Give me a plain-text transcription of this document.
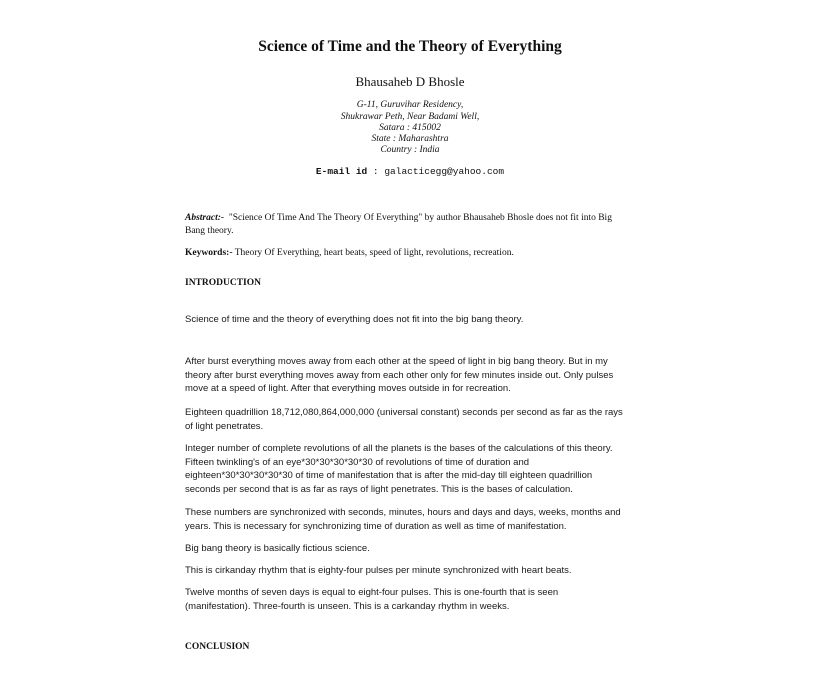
Science of Time and the Theory of Everything
Bhausaheb D Bhosle
G-11, Guruvihar Residency,
Shukrawar Peth, Near Badami Well,
Satara : 415002
State : Maharashtra
Country : India
E-mail id : galacticegg@yahoo.com
Abstract:- "Science Of Time And The Theory Of Everything" by author Bhausaheb Bhosle does not fit into Big
Bang theory.
Keywords:- Theory Of Everything, heart beats, speed of light, revolutions, recreation.
INTRODUCTION
Science of time and the theory of everything does not fit into the big bang theory.
After burst everything moves away from each other at the speed of light in big bang theory. But in my
theory after burst everything moves away from each other only for few minutes inside out. Only pulses
move at a speed of light. After that everything moves outside in for recreation.
Eighteen quadrillion 18,712,080,864,000,000 (universal constant) seconds per second as far as the rays
of light penetrates.
Integer number of complete revolutions of all the planets is the bases of the calculations of this theory.
Fifteen twinkling's of an eye*30*30*30*30*30 of revolutions of time of duration and
eighteen*30*30*30*30*30 of time of manifestation that is after the mid-day till eighteen quadrillion
seconds per second that is as far as rays of light penetrates. This is the bases of calculation.
These numbers are synchronized with seconds, minutes, hours and days and days, weeks, months and
years. This is necessary for synchronizing time of duration as well as time of manifestation.
Big bang theory is basically fictious science.
This is cirkanday rhythm that is eighty-four pulses per minute synchronized with heart beats.
Twelve months of seven days is equal to eight-four pulses. This is one-fourth that is seen
(manifestation). Three-fourth is unseen. This is a carkanday rhythm in weeks.
CONCLUSION
